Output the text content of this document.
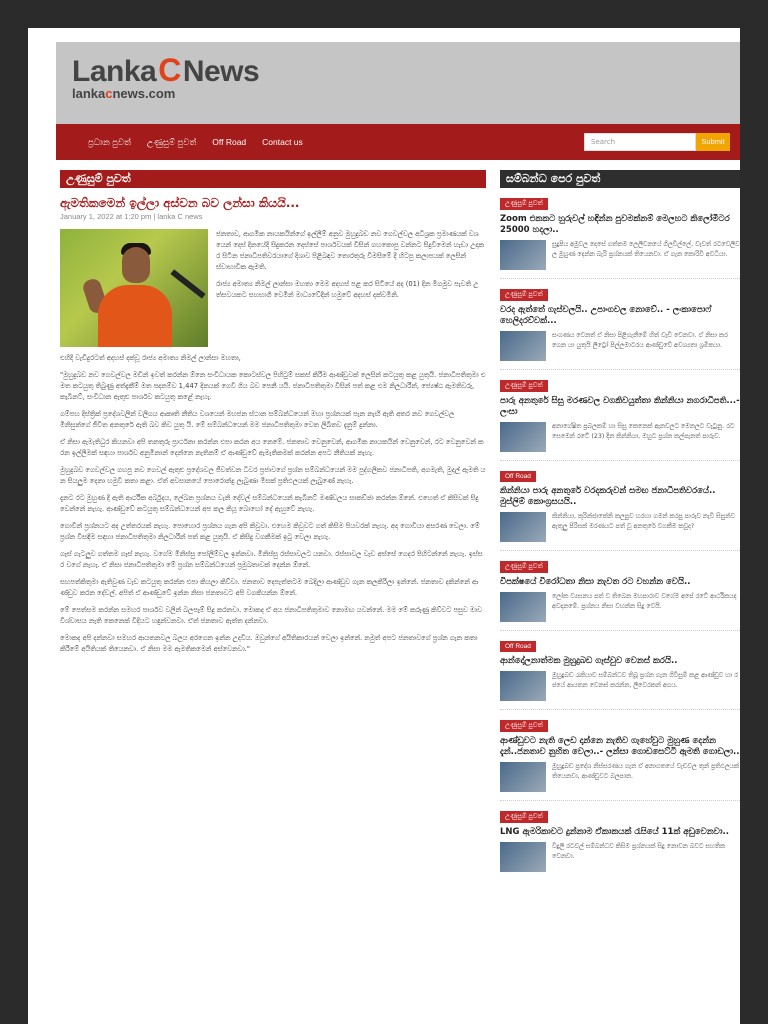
LankaCNews
lankacnews.com
ප්‍රධාන පුවත් උණුසුම් පුවත් Off Road Contact us	Search	Submit
උණුසුම් පුවත්
ඇමතිකමෙන් ඉල්ලා අස්වන බව ලන්සා කියයි...
January 1, 2022 at 1:20 pm | lanka C news

ජනතාව, ආගමික නායකයින්ගේ ඉල්ලීම් අනුව මුහුදුබඩ නව ගෙවල්වල අධිශ්‍රක ප්‍රමාණයක් වශයෙන් දෙස් දිනයේදී සිදුකරන දෙස්සේ පාර්ශවයක් විසින් ගහකොපු වන්නට සිදුවීමෙන් හැඩා උදාකර සිටින ජනාධිපතිවරයාගේ දිශාව පිළිබඳව තොරතුරු විමසීමේ දී හිටපු කලාපයක් ලෙසින් ස්වාභාවික ඇමති.

රාජ්‍ය අමාත්‍ය නිමල් ලාන්සා මහතා මෙම අදහස් පළ කර සිටියේ අද (01) දින මීගමුව පැවති උත්සවයකට සහභාගී වෙමින් මාධ්‍යවේදීන් හමුවේ අදහස් දක්වමිනි.

එහිදී වැඩිදුරටත් අදහස් දක්වූ රාජ්‍ය අමාත්‍ය නිමල් ලාන්සා මහතා,

"මුහුදුබඩ නව ගෙවල්වල මඩින් ඉවත් කරන්න ඕනෙ සංවිධායක කොටස්වල පිහිටුම් සකස් කිරීම ආණ්ඩුවක් ලෙසින් කටයුතු කළ යුතුයි. ජනාධිපතිතුමා එමත කටයුතු තිබුණු අත්දැකීම් මත පදනම්ව 1,447 දිනයක් ගෙවී ගිය බව පෙනී යයි. ජනාධිපතිතුමා විසින් පත් කළ එම නිලධාරීන්, ජ්‍යෙෂ්ඨ ඇමතිවරු, කැබිනට්, සංවිධාන ඇතුළු පාර්ශව කටයුතු කළේ නැහැ.

ගම්පහ දිස්ත්‍රික් ප්‍රදේශවලින් වලිගය ආකෘති නීතිය වශයෙන් මහජන ස්ථාන සම්බන්ධයෙන් මහා ප්‍රශ්නයක් පැන නැඟී ඇති අතර නව ගෙවල්වල මිනිසුන්ගේ ජීවිත අනතුරේ ඇති බව කිව යුතු යි. මේ සම්බන්ධයෙන් මම ජනාධිපතිතුමා වෙත ලිඛිතව දැනුම් දුන්නා.

ඒ නිසා ඇමැතිධුර කියනවා අපි තනතුරු ප්‍රාර්ථනා කරන්න එපා කරන අය නෙමේ. ජනතාව වෙනුවෙන්, ආගමික නායකයින් වෙනුවෙන්, රට වෙනුවෙන් කරන ඉල්ලීමක් සඳහා පාර්ශව අනුමිනාන් දෙන්නෙ නැතිනම් ඒ ආණ්ඩුවේ ඇමැතිකමක් කරන්න අපට නීතියක් නැහැ.

මුහුදුබඩ ගෙවල්වල ගහපු නව ගෙවල් ඇතුළු ප්‍රදේශවල ජීවත්වන ධීවර ප්‍රජාවගේ ප්‍රශ්න සම්බන්ධයෙන් මම පුද්ගලිකව ජනාධිපති, අගමැති, මුදල් ඇමති යන සියලුම දෙනා හමුවී කතා කළා. ඒත් අවසානයේ පොරොන්දු ලැබුණා මිසක් ප්‍රතිඵලයක් ලැබුණේ නැහැ.

දැනට රට මුහුණ දී ඇති ආර්ථික අර්බුදය, ලේඛන ප්‍රශ්නය වැනි දේවල් සම්බන්ධයෙන් කැබිනට් මණ්ඩලය සාකච්ඡා කරන්න ඕනේ. එහෙත් ඒ කිසිවක් සිදු වෙන්නේ නැහැ. ආණ්ඩුවේ කටයුතු සම්බන්ධයෙන් අප කල කියූ බොහෝ දේ ඇහුවේ නැහැ.

ගොවින් ප්‍රශ්නයට අද උත්තරයක් නැහැ. පොහොර ප්‍රශ්නය ගැන අපි කිවුවා. එහෙම කිවුවට ගත් කිසිම පියවරක් නැහැ. අද ගොවියා අසරණ වෙලා. මේ ප්‍රශ්න විසඳීම සඳහා ජනාධිපතිතුමා නිලධාරීන් පත් කළ යුතුයි. ඒ කිසිදු වගකීමක් ඉටු වෙලා නැහැ.

ගෑස් ගැටලුව ගත්තම ගෑස් නැහැ. වගේම මිනිස්සු පෝලිම්වල ඉන්නවා. මිනිස්සු රස්සාවලට යනවා. රස්සාවල වැඩ අස්සේ ගෙදර පිහිටන්නේ නැහැ. ඉස්සර වගේ නැහැ. ඒ නිසා ජනාධිපතිතුමා මේ ප්‍රශ්න සම්බන්ධයෙන් ප්‍රමුඛතාවක් දෙන්න ඕනේ.

සහපත්කිතුමා ඇතිවුණ වැඩ කටයුතු කරන්න එපා කියලා කිව්වා. ජනතාව දෙපැත්තටම බෙදිලා ආණ්ඩුව ගැන කලකිරිලා ඉන්නේ. ජනතාව දකින්නේ ආණ්ඩුව කරන දේවල්. අපිත් ඒ ආණ්ඩුවේ ඉන්න නිසා ජනතාවට අපි වගකියන්න ඕනේ.

මේ පෙත්සම කරන්න සමහර පාර්ශව වලින් බලපෑම් සිදු කරනවා. මොකද ඒ අය ජනාධිපතිතුමාව නොමඟ යවන්නේ. මම මේ කරුණු කිව්වට පසුව මාව විශ්වාසය නැති කෙනෙක් විදියට හඳුන්වනවා. ඒත් ජනතාව ඇත්ත දන්නවා.

මොකද අපි දන්නවා සමහර ආයතනවල බලය අරගෙන ඉන්න උදවිය. ඔවුන්ගේ අයිතිකාරයන් වෙලා ඉන්නේ. නමුත් අපට ජනතාවගේ ප්‍රශ්න ගැන කතා කිරීමේ අයිතියක් තියෙනවා. ඒ නිසා මම ඇමතිකමෙන් අස්වෙනවා."

සම්බන්ධ පෙර පුවත්
උණුසුම් පුවත්
Zoom එකකට හුරුවල් හඳින්න පුවමක්නම් මෙලහට කිලෝමීටර 25000 හදලා..
සුදුපිය අමුවල දෙසේ ගත්තම ලෙලිවනයේ ගිලවිල්ලේ, වැවත් රටවෙලිවල මුහුණ දෙන්න බැරි ප්‍රශ්නයක් තියෙනවා. ඒ ගැන කොරිවි අවධියා.
උණුසුම් පුවත්
වරද ඇත්තේ ගැස්වලයි.. උපාංගවල නොවේ.. - ලංකාපොෆ් හෙලිදරව්වක්...
සංගණය වෙනත් ඒ නිසා පිළිගැනීමේ හිත් වැඩි වෙනවා. ඒ නිසා කරගෙන යා යුතුයි ලිට්‍රෝ පිල්ලමාටරය ආණ්ඩුවේ අවශ්‍යතා ශ්‍රමිකයා.
උණුසුම් පුවත්
පාරු අනතුරේ සිසු මරණවල වගකිවයුත්තා කින්නියා නගරාධිපති...- ලංසා
අනාගේෂිත ප්‍රබලකම් හා සිසු කෙනෙක් ඇනවලට මෙනලට වැටුනු. රට සෙමෙන් රටේ (23) දින කින්නියා, ඔහුට ප්‍රශ්න කල්පැනත් පාරුව.
Off Road
කින්නියා පාරු අනතුරේ වරදකරුවන් සමඟ ජනාධිපතිවරයේ.. මුස්ලිම් කොංග්‍රසයයි..
කින්නියා, කුරින්ජාකේනි කලපුව හරහා ගමන් කරපු පාරුව නැවී සිසුන්ව ඇතුලු පිරිසක් මරණයට පත් වූ අනතුරේ වගකීම කවුද?
උණුසුම් පුවත්
විපක්ෂයේ විරෝධතා නිසා නැවත රට වහන්න වෙයි..
ලෝක ව්‍යසනය පත් ව තිබෙන මහපාරාව වගේම අපේ රටේ ආර්ථිකයද අවදානමේ. ප්‍රශ්නය නිසා වහන්න සිදු වෙයි.
Off Road
ආන්දෝලනාත්මක මුහුදුබඩ ගෑස්වුව වෙනස් කරයි..
මුහුදුබඩ රැකියාව සම්බන්ධව තිබූ ප්‍රශ්න ගැන ගිවිසුම් කළ ආණ්ඩුව හා රජයේ ආයතන වෙනස් කරන්න, ලිවෙරකන් අගය.
උණුසුම් පුවත්
ආණ්ඩුවට නැති ලෙඩ දාන්නෙ නැතිව ගැහේවුට මුහුණ දෙන්න දැන්..ජනතාව නුහිත වෙලා..- ලන්සා ගොඩසෙට්ටි ඇමති ගොඩලා..
මුහුදුබඩ ප්‍රදේශ නිස්සරණය ගැන ඒ අනාගතයේ වැඩවල තුන් ප්‍රතිඵලයක් තියෙනවා, ආණ්ඩුවට බලපාන.
උණුසුම් පුවත්
LNG ඇමරිකාවට දුන්නාම ඒකාකයක් රැසියේ 11ක් අඩුවෙනවා..
විදුලි රටවල් සම්බන්ධව කිසිම ප්‍රශ්නයක් සිදු නොවන බවට සහතික වෙනවා.
